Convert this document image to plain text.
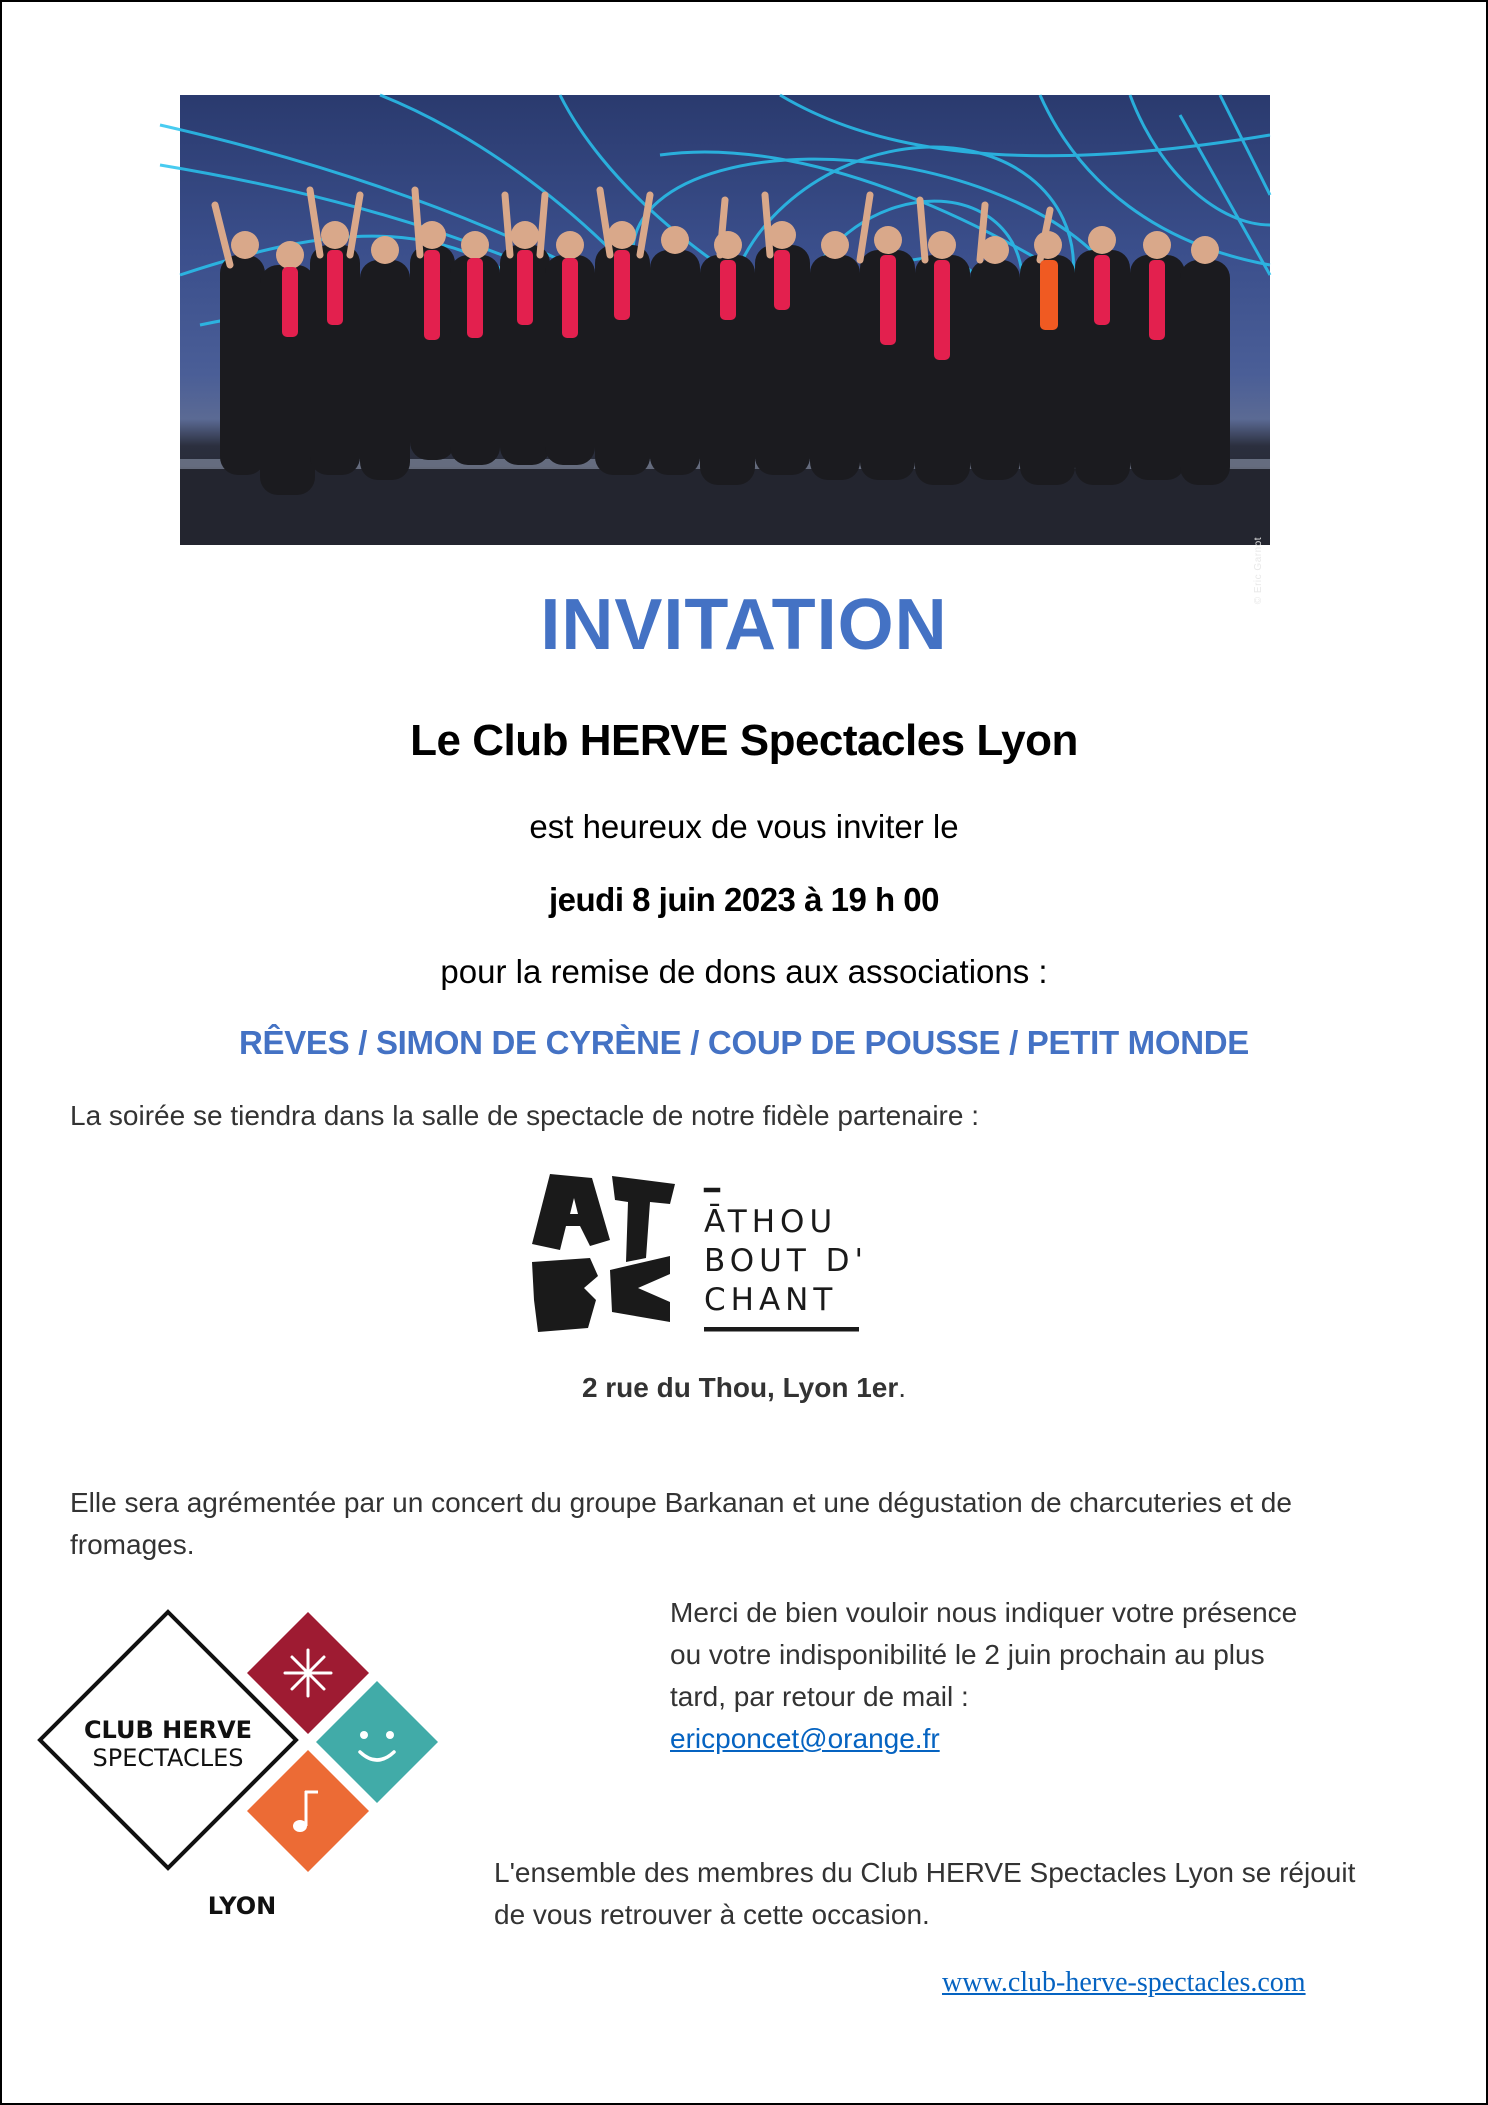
© Eric Garnot
INVITATION
Le Club HERVE Spectacles Lyon
est heureux de vous inviter le
jeudi 8 juin 2023 à 19 h 00
pour la remise de dons aux associations :
RÊVES / SIMON DE CYRÈNE / COUP DE POUSSE / PETIT MONDE
La soirée se tiendra dans la salle de spectacle de notre fidèle partenaire :
ĀTHOU
BOUT D'
CHANT
2 rue du Thou, Lyon 1er.
Elle sera agrémentée par un concert du groupe Barkanan et une dégustation de charcuteries et de fromages.
CLUB HERVE
SPECTACLES
LYON
Merci de bien vouloir nous indiquer votre présence ou votre indisponibilité le 2 juin prochain au plus tard, par retour de mail :
ericponcet@orange.fr
L'ensemble des membres du Club HERVE Spectacles Lyon se réjouit de vous retrouver à cette occasion.
www.club-herve-spectacles.com
